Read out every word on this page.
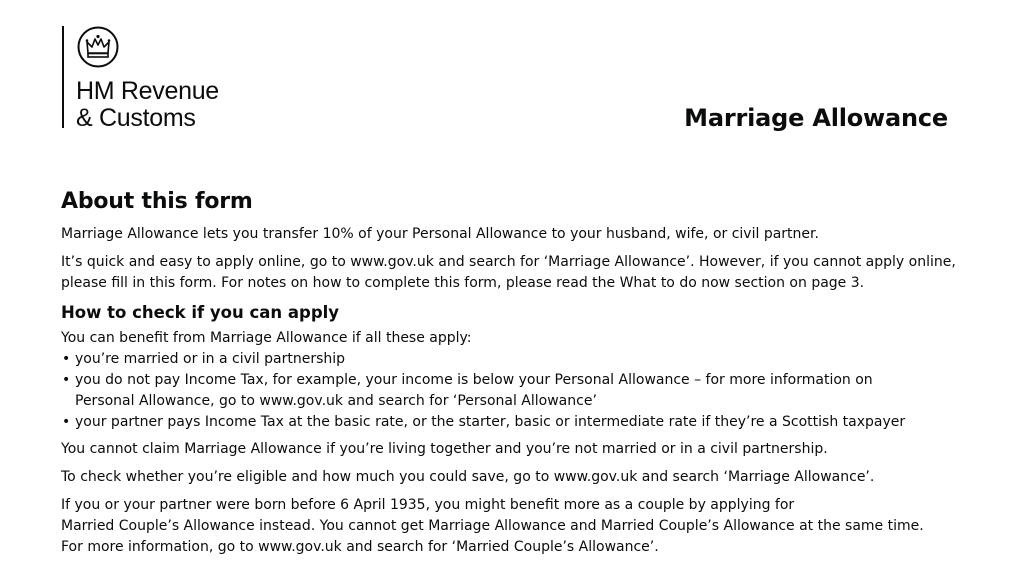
HM Revenue
& Customs	Marriage Allowance
About this form

Marriage Allowance lets you transfer 10% of your Personal Allowance to your husband, wife, or civil partner.

It’s quick and easy to apply online, go to www.gov.uk and search for ‘Marriage Allowance’. However, if you cannot apply online,
please fill in this form. For notes on how to complete this form, please read the What to do now section on page 3.

How to check if you can apply

You can benefit from Marriage Allowance if all these apply:

• you’re married or in a civil partnership
• you do not pay Income Tax, for example, your income is below your Personal Allowance – for more information on
Personal Allowance, go to www.gov.uk and search for ‘Personal Allowance’
• your partner pays Income Tax at the basic rate, or the starter, basic or intermediate rate if they’re a Scottish taxpayer

You cannot claim Marriage Allowance if you’re living together and you’re not married or in a civil partnership.

To check whether you’re eligible and how much you could save, go to www.gov.uk and search ‘Marriage Allowance’.

If you or your partner were born before 6 April 1935, you might benefit more as a couple by applying for
Married Couple’s Allowance instead. You cannot get Marriage Allowance and Married Couple’s Allowance at the same time.
For more information, go to www.gov.uk and search for ‘Married Couple’s Allowance’.
